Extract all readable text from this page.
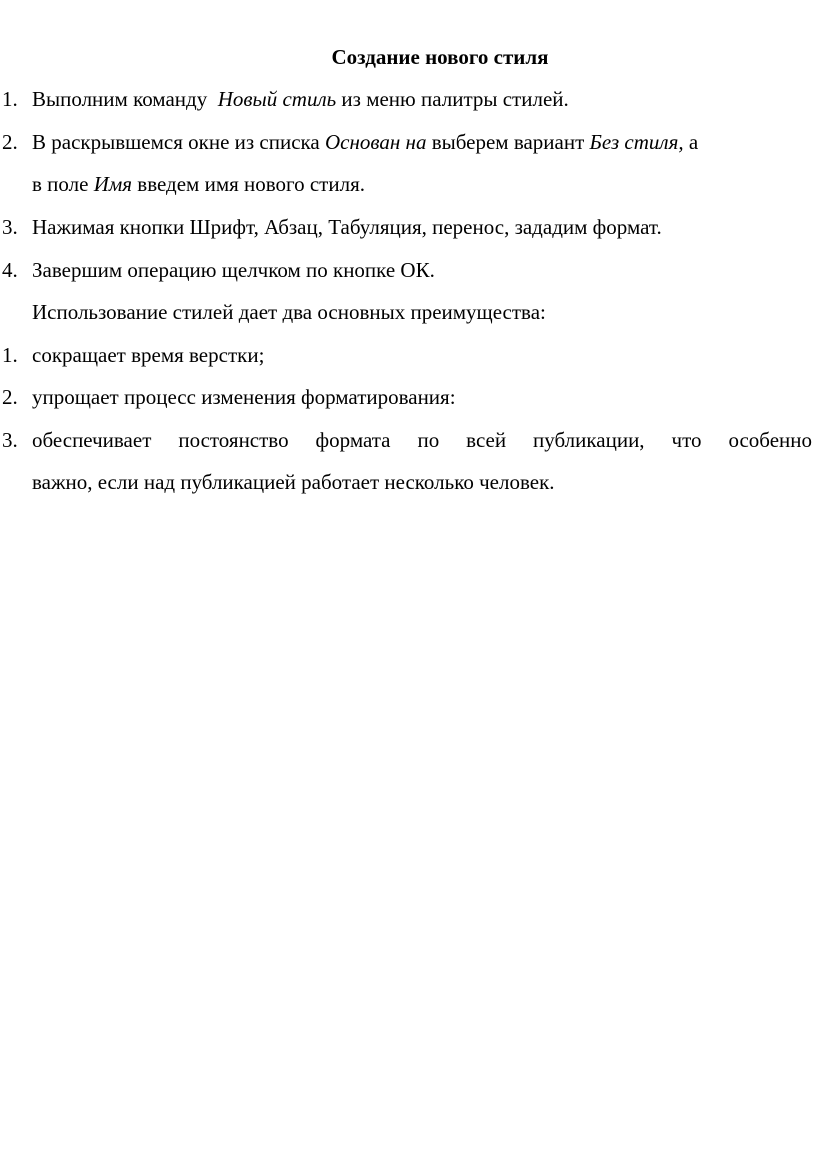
Создание нового стиля
1. Выполним команду Новый стиль из меню палитры стилей.
2. В раскрывшемся окне из списка Основан на выберем вариант Без стиля, а
в поле Имя введем имя нового стиля.
3. Нажимая кнопки Шрифт, Абзац, Табуляция, перенос, зададим формат.
4. Завершим операцию щелчком по кнопке ОК.
Использование стилей дает два основных преимущества:
1. сокращает время верстки;
2. упрощает процесс изменения форматирования:
3. обеспечивает постоянство формата по всей публикации, что особенно
важно, если над публикацией работает несколько человек.
